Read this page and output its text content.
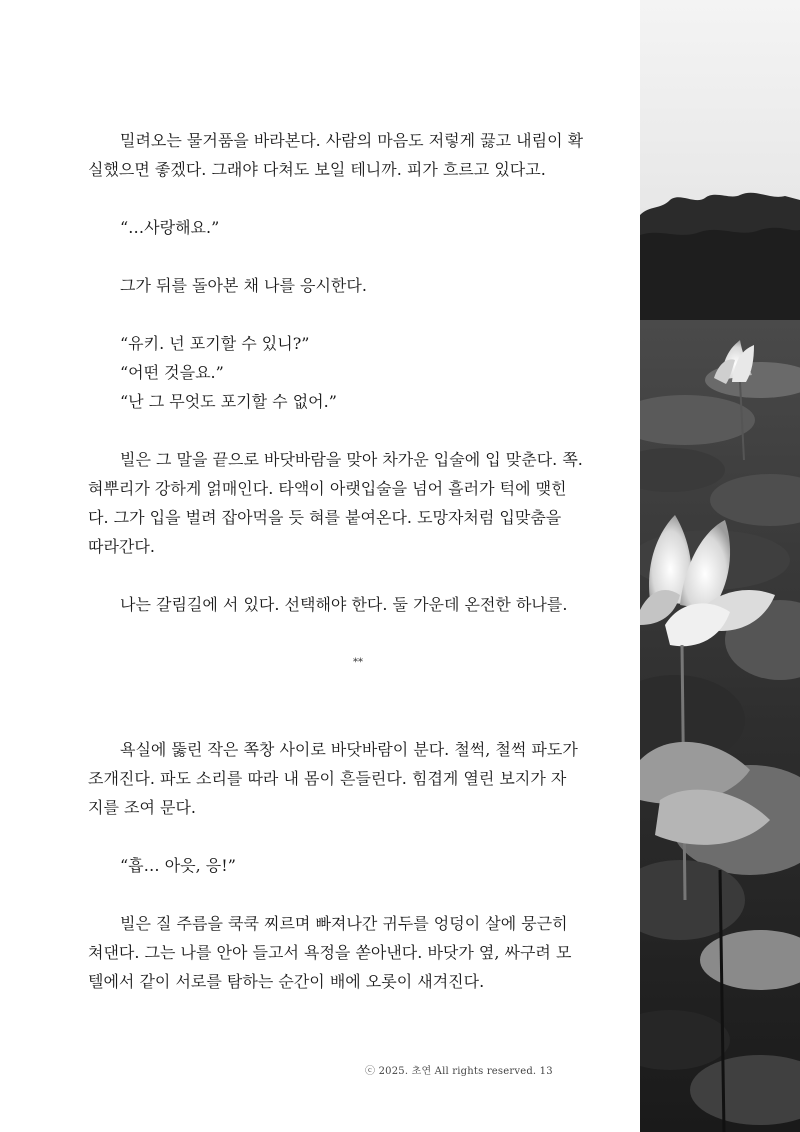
밀려오는 물거품을 바라본다. 사람의 마음도 저렇게 끓고 내림이 확

실했으면 좋겠다. 그래야 다쳐도 보일 테니까. 피가 흐르고 있다고.

“…사랑해요.”

그가 뒤를 돌아본 채 나를 응시한다.

“유키. 넌 포기할 수 있니?”

“어떤 것을요.”

“난 그 무엇도 포기할 수 없어.”

빌은 그 말을 끝으로 바닷바람을 맞아 차가운 입술에 입 맞춘다. 쪽.

혀뿌리가 강하게 얽매인다. 타액이 아랫입술을 넘어 흘러가 턱에 맺힌

다. 그가 입을 벌려 잡아먹을 듯 혀를 붙여온다. 도망자처럼 입맞춤을

따라간다.

나는 갈림길에 서 있다. 선택해야 한다. 둘 가운데 온전한 하나를.

**

욕실에 뚫린 작은 쪽창 사이로 바닷바람이 분다. 철썩, 철썩 파도가

조개진다. 파도 소리를 따라 내 몸이 흔들린다. 힘겹게 열린 보지가 자

지를 조여 문다.

“흡… 아읏, 응!”

빌은 질 주름을 쿡쿡 찌르며 빠져나간 귀두를 엉덩이 살에 뭉근히

쳐댄다. 그는 나를 안아 들고서 욕정을 쏟아낸다. 바닷가 옆, 싸구려 모

텔에서 같이 서로를 탐하는 순간이 배에 오롯이 새겨진다.

ⓒ 2025. 초연 All rights reserved. 13
